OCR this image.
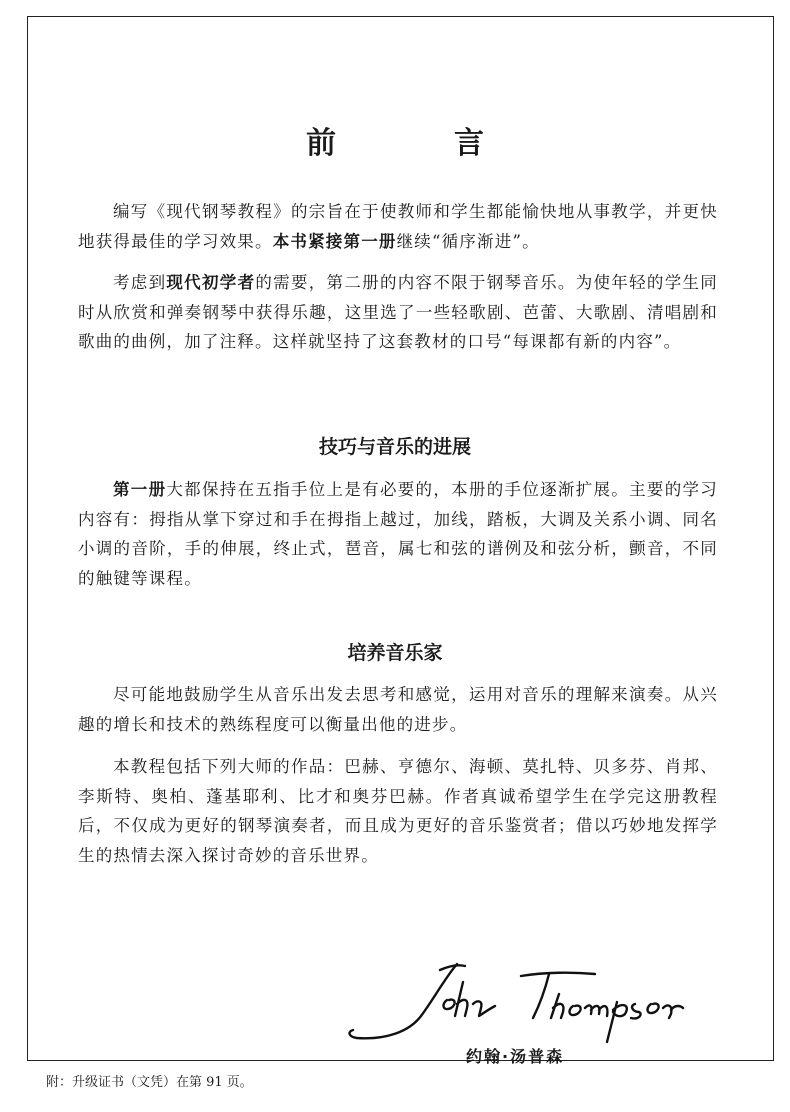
前　言
编写《现代钢琴教程》的宗旨在于使教师和学生都能愉快地从事教学，并更快地获得最佳的学习效果。本书紧接第一册继续“循序渐进”。
考虑到现代初学者的需要，第二册的内容不限于钢琴音乐。为使年轻的学生同时从欣赏和弹奏钢琴中获得乐趣，这里选了一些轻歌剧、芭蕾、大歌剧、清唱剧和歌曲的曲例，加了注释。这样就坚持了这套教材的口号“每课都有新的内容”。
技巧与音乐的进展
第一册大都保持在五指手位上是有必要的，本册的手位逐渐扩展。主要的学习内容有：拇指从掌下穿过和手在拇指上越过，加线，踏板，大调及关系小调、同名小调的音阶，手的伸展，终止式，琶音，属七和弦的谱例及和弦分析，颤音，不同的触键等课程。
培养音乐家
尽可能地鼓励学生从音乐出发去思考和感觉，运用对音乐的理解来演奏。从兴趣的增长和技术的熟练程度可以衡量出他的进步。
本教程包括下列大师的作品：巴赫、亨德尔、海顿、莫扎特、贝多芬、肖邦、李斯特、奥柏、蓬基耶利、比才和奥芬巴赫。作者真诚希望学生在学完这册教程后，不仅成为更好的钢琴演奏者，而且成为更好的音乐鉴赏者；借以巧妙地发挥学生的热情去深入探讨奇妙的音乐世界。
约翰·汤普森
附：升级证书（文凭）在第 91 页。
